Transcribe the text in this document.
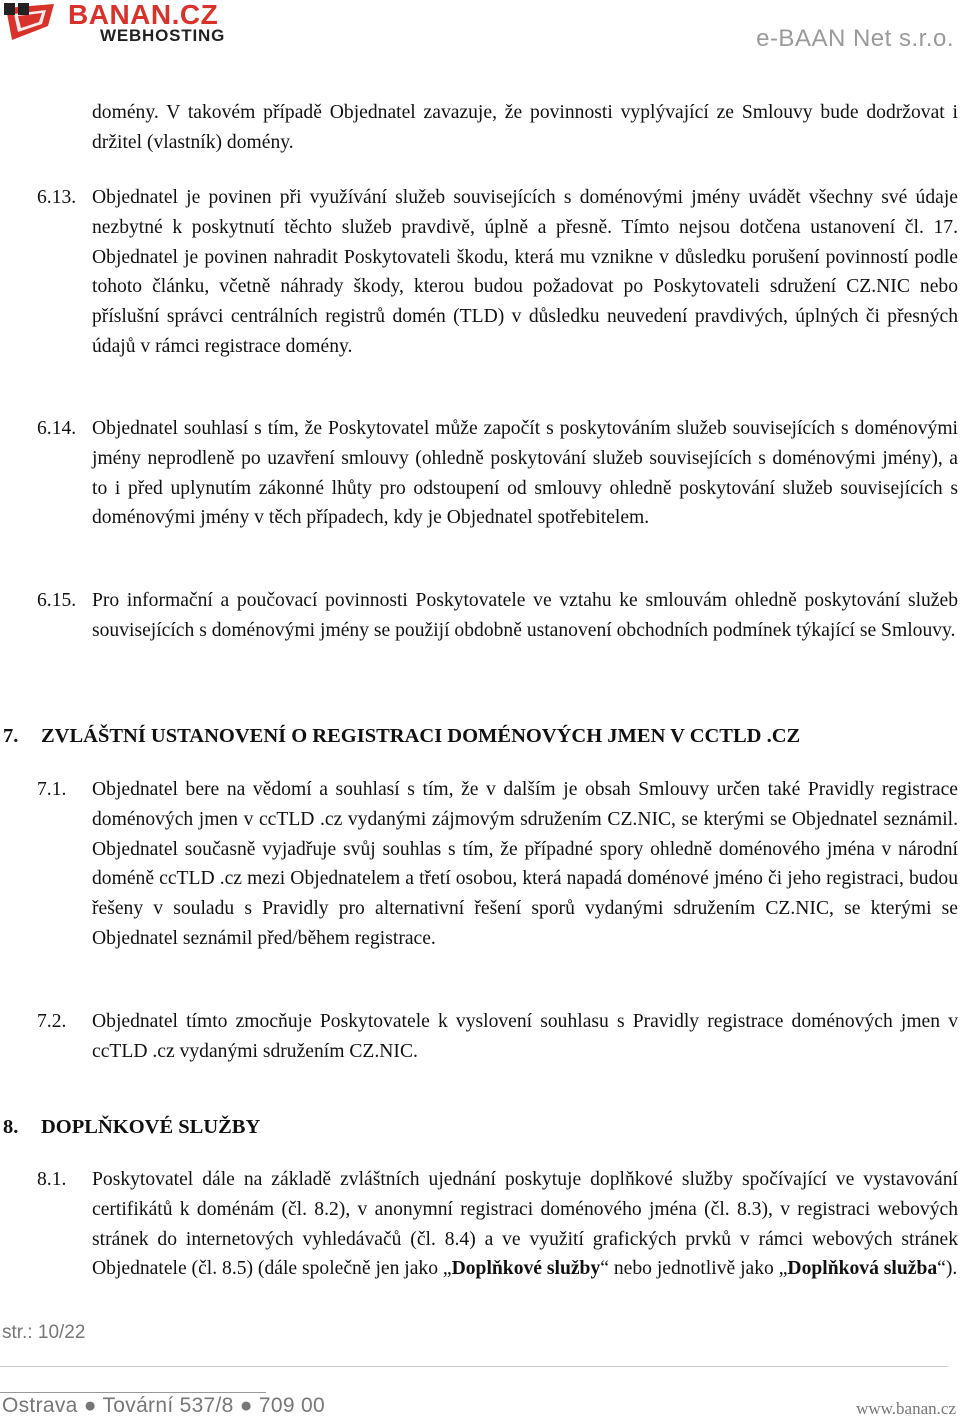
BANAN.CZ
WEBHOSTING	e-BAAN Net s.r.o.
domény. V takovém případě Objednatel zavazuje, že povinnosti vyplývající ze Smlouvy bude dodržovat i držitel (vlastník) domény.
6.13. Objednatel je povinen při využívání služeb souvisejících s doménovými jmény uvádět všechny své údaje nezbytné k poskytnutí těchto služeb pravdivě, úplně a přesně. Tímto nejsou dotčena ustanovení čl. 17. Objednatel je povinen nahradit Poskytovateli škodu, která mu vznikne v důsledku porušení povinností podle tohoto článku, včetně náhrady škody, kterou budou požadovat po Poskytovateli sdružení CZ.NIC nebo příslušní správci centrálních registrů domén (TLD) v důsledku neuvedení pravdivých, úplných či přesných údajů v rámci registrace domény.
6.14. Objednatel souhlasí s tím, že Poskytovatel může započít s poskytováním služeb souvisejících s doménovými jmény neprodleně po uzavření smlouvy (ohledně poskytování služeb souvisejících s doménovými jmény), a to i před uplynutím zákonné lhůty pro odstoupení od smlouvy ohledně poskytování služeb souvisejících s doménovými jmény v těch případech, kdy je Objednatel spotřebitelem.
6.15. Pro informační a poučovací povinnosti Poskytovatele ve vztahu ke smlouvám ohledně poskytování služeb souvisejících s doménovými jmény se použijí obdobně ustanovení obchodních podmínek týkající se Smlouvy.
7. ZVLÁŠTNÍ USTANOVENÍ O REGISTRACI DOMÉNOVÝCH JMEN V CCTLD .CZ
7.1. Objednatel bere na vědomí a souhlasí s tím, že v dalším je obsah Smlouvy určen také Pravidly registrace doménových jmen v ccTLD .cz vydanými zájmovým sdružením CZ.NIC, se kterými se Objednatel seznámil. Objednatel současně vyjadřuje svůj souhlas s tím, že případné spory ohledně doménového jména v národní doméně ccTLD .cz mezi Objednatelem a třetí osobou, která napadá doménové jméno či jeho registraci, budou řešeny v souladu s Pravidly pro alternativní řešení sporů vydanými sdružením CZ.NIC, se kterými se Objednatel seznámil před/během registrace.
7.2. Objednatel tímto zmocňuje Poskytovatele k vyslovení souhlasu s Pravidly registrace doménových jmen v ccTLD .cz vydanými sdružením CZ.NIC.
8. DOPLŇKOVÉ SLUŽBY
8.1. Poskytovatel dále na základě zvláštních ujednání poskytuje doplňkové služby spočívající ve vystavování certifikátů k doménám (čl. 8.2), v anonymní registraci doménového jména (čl. 8.3), v registraci webových stránek do internetových vyhledávačů (čl. 8.4) a ve využití grafických prvků v rámci webových stránek Objednatele (čl. 8.5) (dále společně jen jako „Doplňkové služby“ nebo jednotlivě jako „Doplňková služba“).
str.: 10/22
Ostrava ● Tovární 537/8 ● 709 00	www.banan.cz
